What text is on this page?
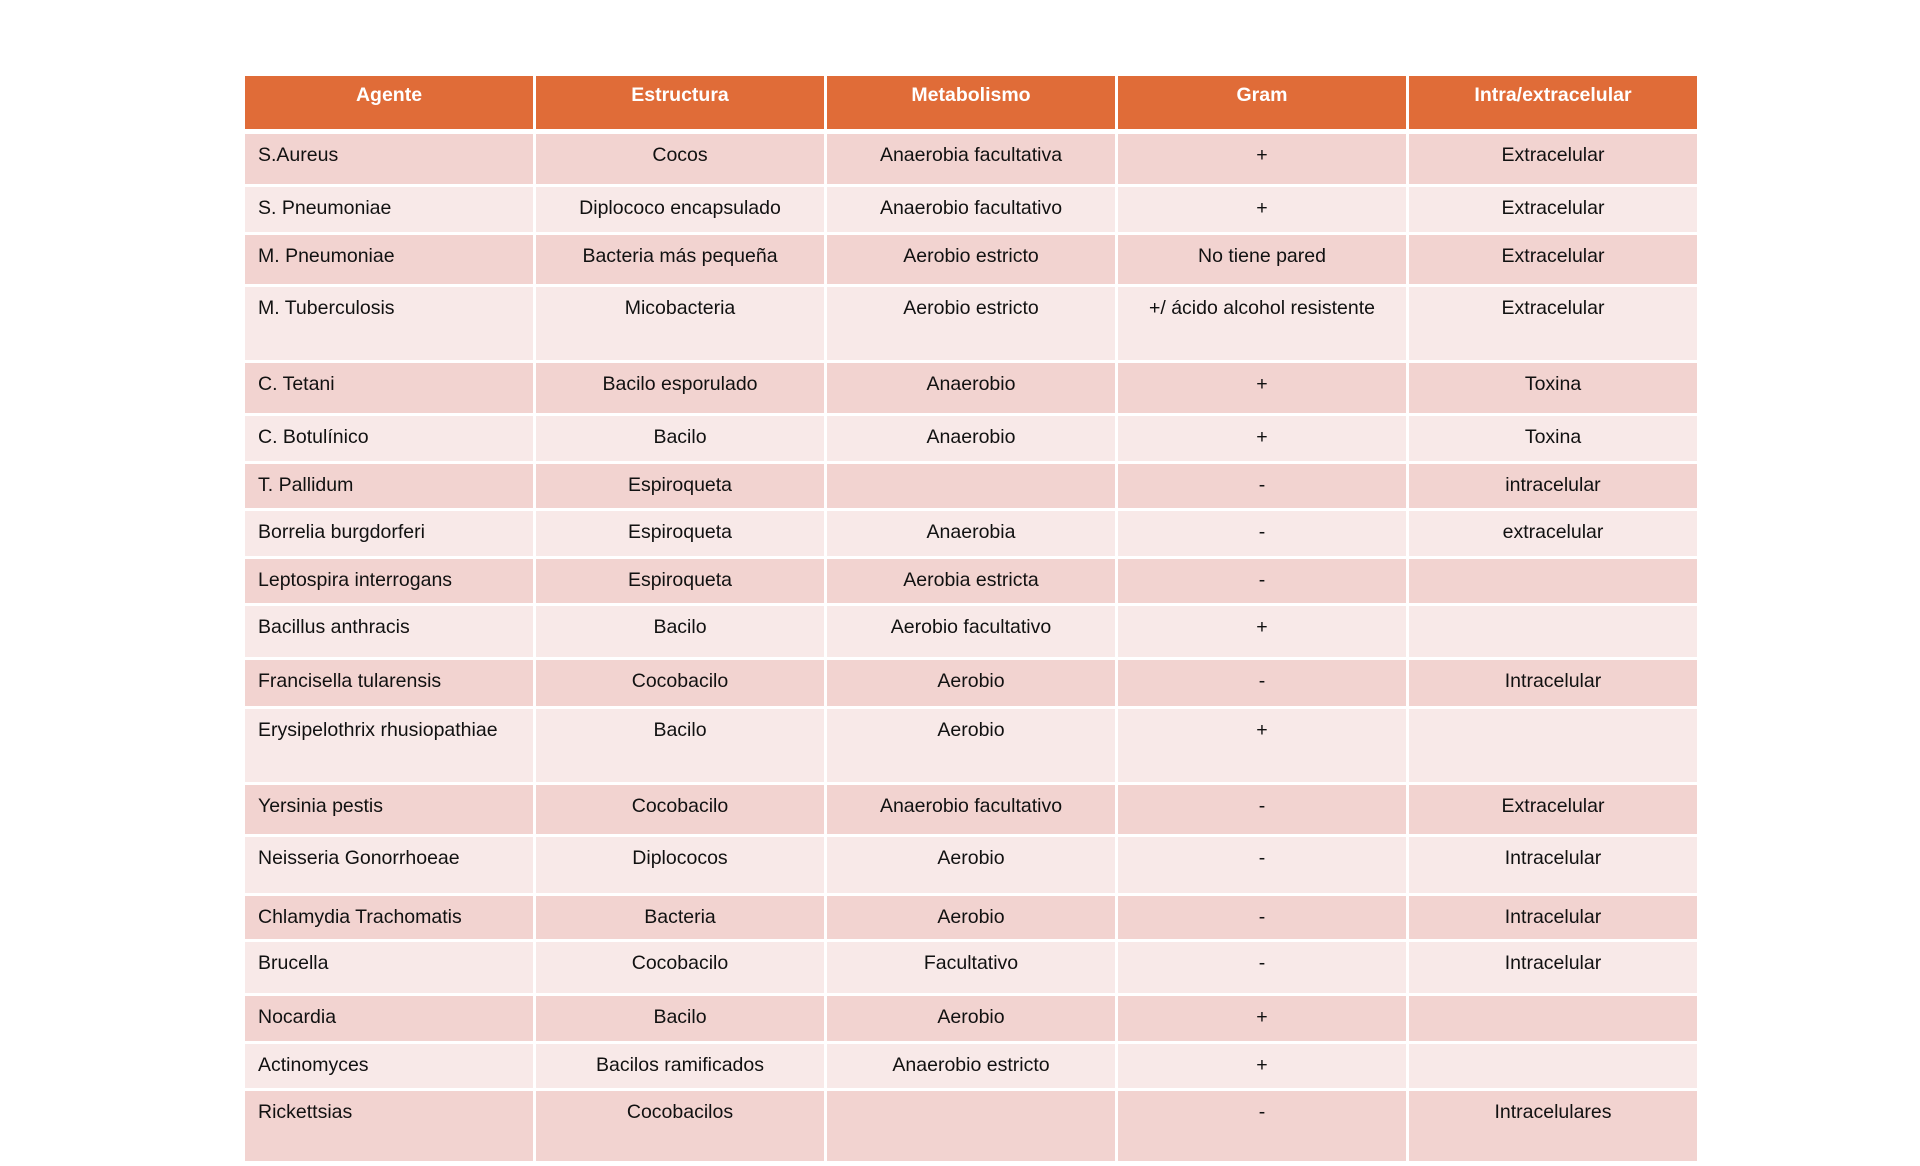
Agente	Estructura	Metabolismo	Gram	Intra/extracelular
S.Aureus	Cocos	Anaerobia facultativa	+	Extracelular
S. Pneumoniae	Diplococo encapsulado	Anaerobio facultativo	+	Extracelular
M. Pneumoniae	Bacteria más pequeña	Aerobio estricto	No tiene pared	Extracelular
M. Tuberculosis	Micobacteria	Aerobio estricto	+/ ácido alcohol resistente	Extracelular
C. Tetani	Bacilo esporulado	Anaerobio	+	Toxina
C. Botulínico	Bacilo	Anaerobio	+	Toxina
T. Pallidum	Espiroqueta		-	intracelular
Borrelia burgdorferi	Espiroqueta	Anaerobia	-	extracelular
Leptospira interrogans	Espiroqueta	Aerobia estricta	-	
Bacillus anthracis	Bacilo	Aerobio facultativo	+	
Francisella tularensis	Cocobacilo	Aerobio	-	Intracelular
Erysipelothrix rhusiopathiae	Bacilo	Aerobio	+	
Yersinia pestis	Cocobacilo	Anaerobio facultativo	-	Extracelular
Neisseria Gonorrhoeae	Diplococos	Aerobio	-	Intracelular
Chlamydia Trachomatis	Bacteria	Aerobio	-	Intracelular
Brucella	Cocobacilo	Facultativo	-	Intracelular
Nocardia	Bacilo	Aerobio	+	
Actinomyces	Bacilos ramificados	Anaerobio estricto	+	
Rickettsias	Cocobacilos		-	Intracelulares
